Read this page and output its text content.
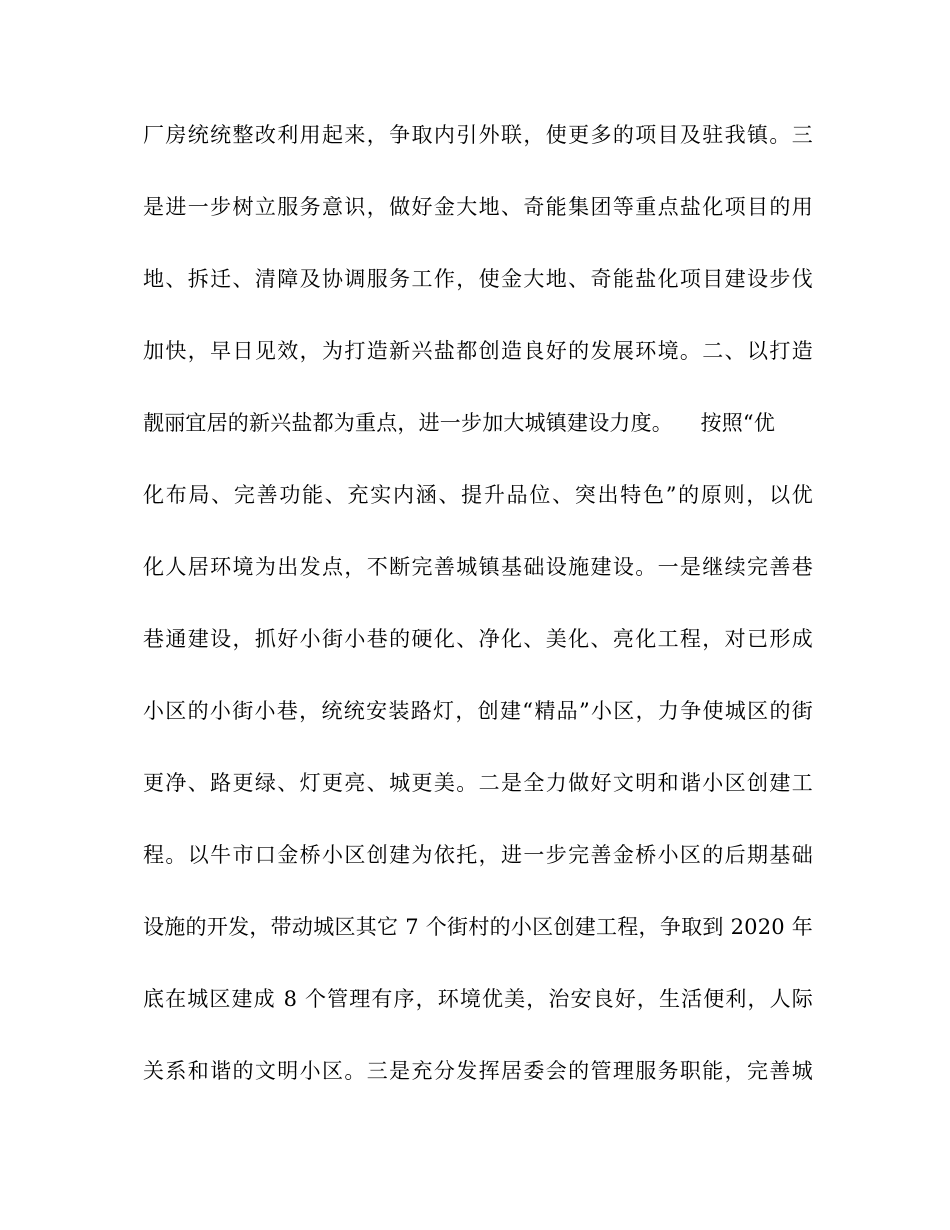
厂房统统整改利用起来，争取内引外联，使更多的项目及驻我镇。三
是进一步树立服务意识，做好金大地、奇能集团等重点盐化项目的用
地、拆迁、清障及协调服务工作，使金大地、奇能盐化项目建设步伐
加快，早日见效，为打造新兴盐都创造良好的发展环境。二、以打造
靓丽宜居的新兴盐都为重点，进一步加大城镇建设力度。    按照“优
化布局、完善功能、充实内涵、提升品位、突出特色”的原则，以优
化人居环境为出发点，不断完善城镇基础设施建设。一是继续完善巷
巷通建设，抓好小街小巷的硬化、净化、美化、亮化工程，对已形成
小区的小街小巷，统统安装路灯，创建“精品”小区，力争使城区的街
更净、路更绿、灯更亮、城更美。二是全力做好文明和谐小区创建工
程。以牛市口金桥小区创建为依托，进一步完善金桥小区的后期基础
设施的开发，带动城区其它 7 个街村的小区创建工程，争取到 2020 年
底在城区建成 8 个管理有序，环境优美，治安良好，生活便利，人际
关系和谐的文明小区。三是充分发挥居委会的管理服务职能，完善城
